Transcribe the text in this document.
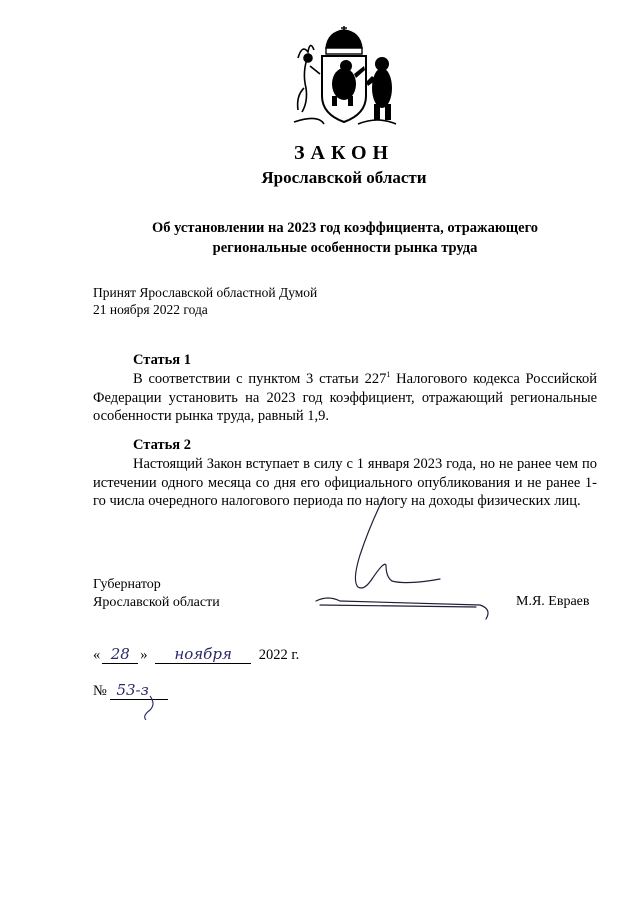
ЗАКОН
Ярославской области
Об установлении на 2023 год коэффициента, отражающего региональные особенности рынка труда
Принят Ярославской областной Думой
21 ноября 2022 года
Статья 1

В соответствии с пунктом 3 статьи $227^1$ Налогового кодекса Российской Федерации установить на 2023 год коэффициент, отражающий региональные особенности рынка труда, равный 1,9.

Статья 2

Настоящий Закон вступает в силу с 1 января 2023 года, но не ранее чем по истечении одного месяца со дня его официального опубликования и не ранее 1-го числа очередного налогового периода по налогу на доходы физических лиц.

Губернатор
Ярославской области	М.Я. Евраев
« 28 » ноября 2022 г.
№ 53-з
